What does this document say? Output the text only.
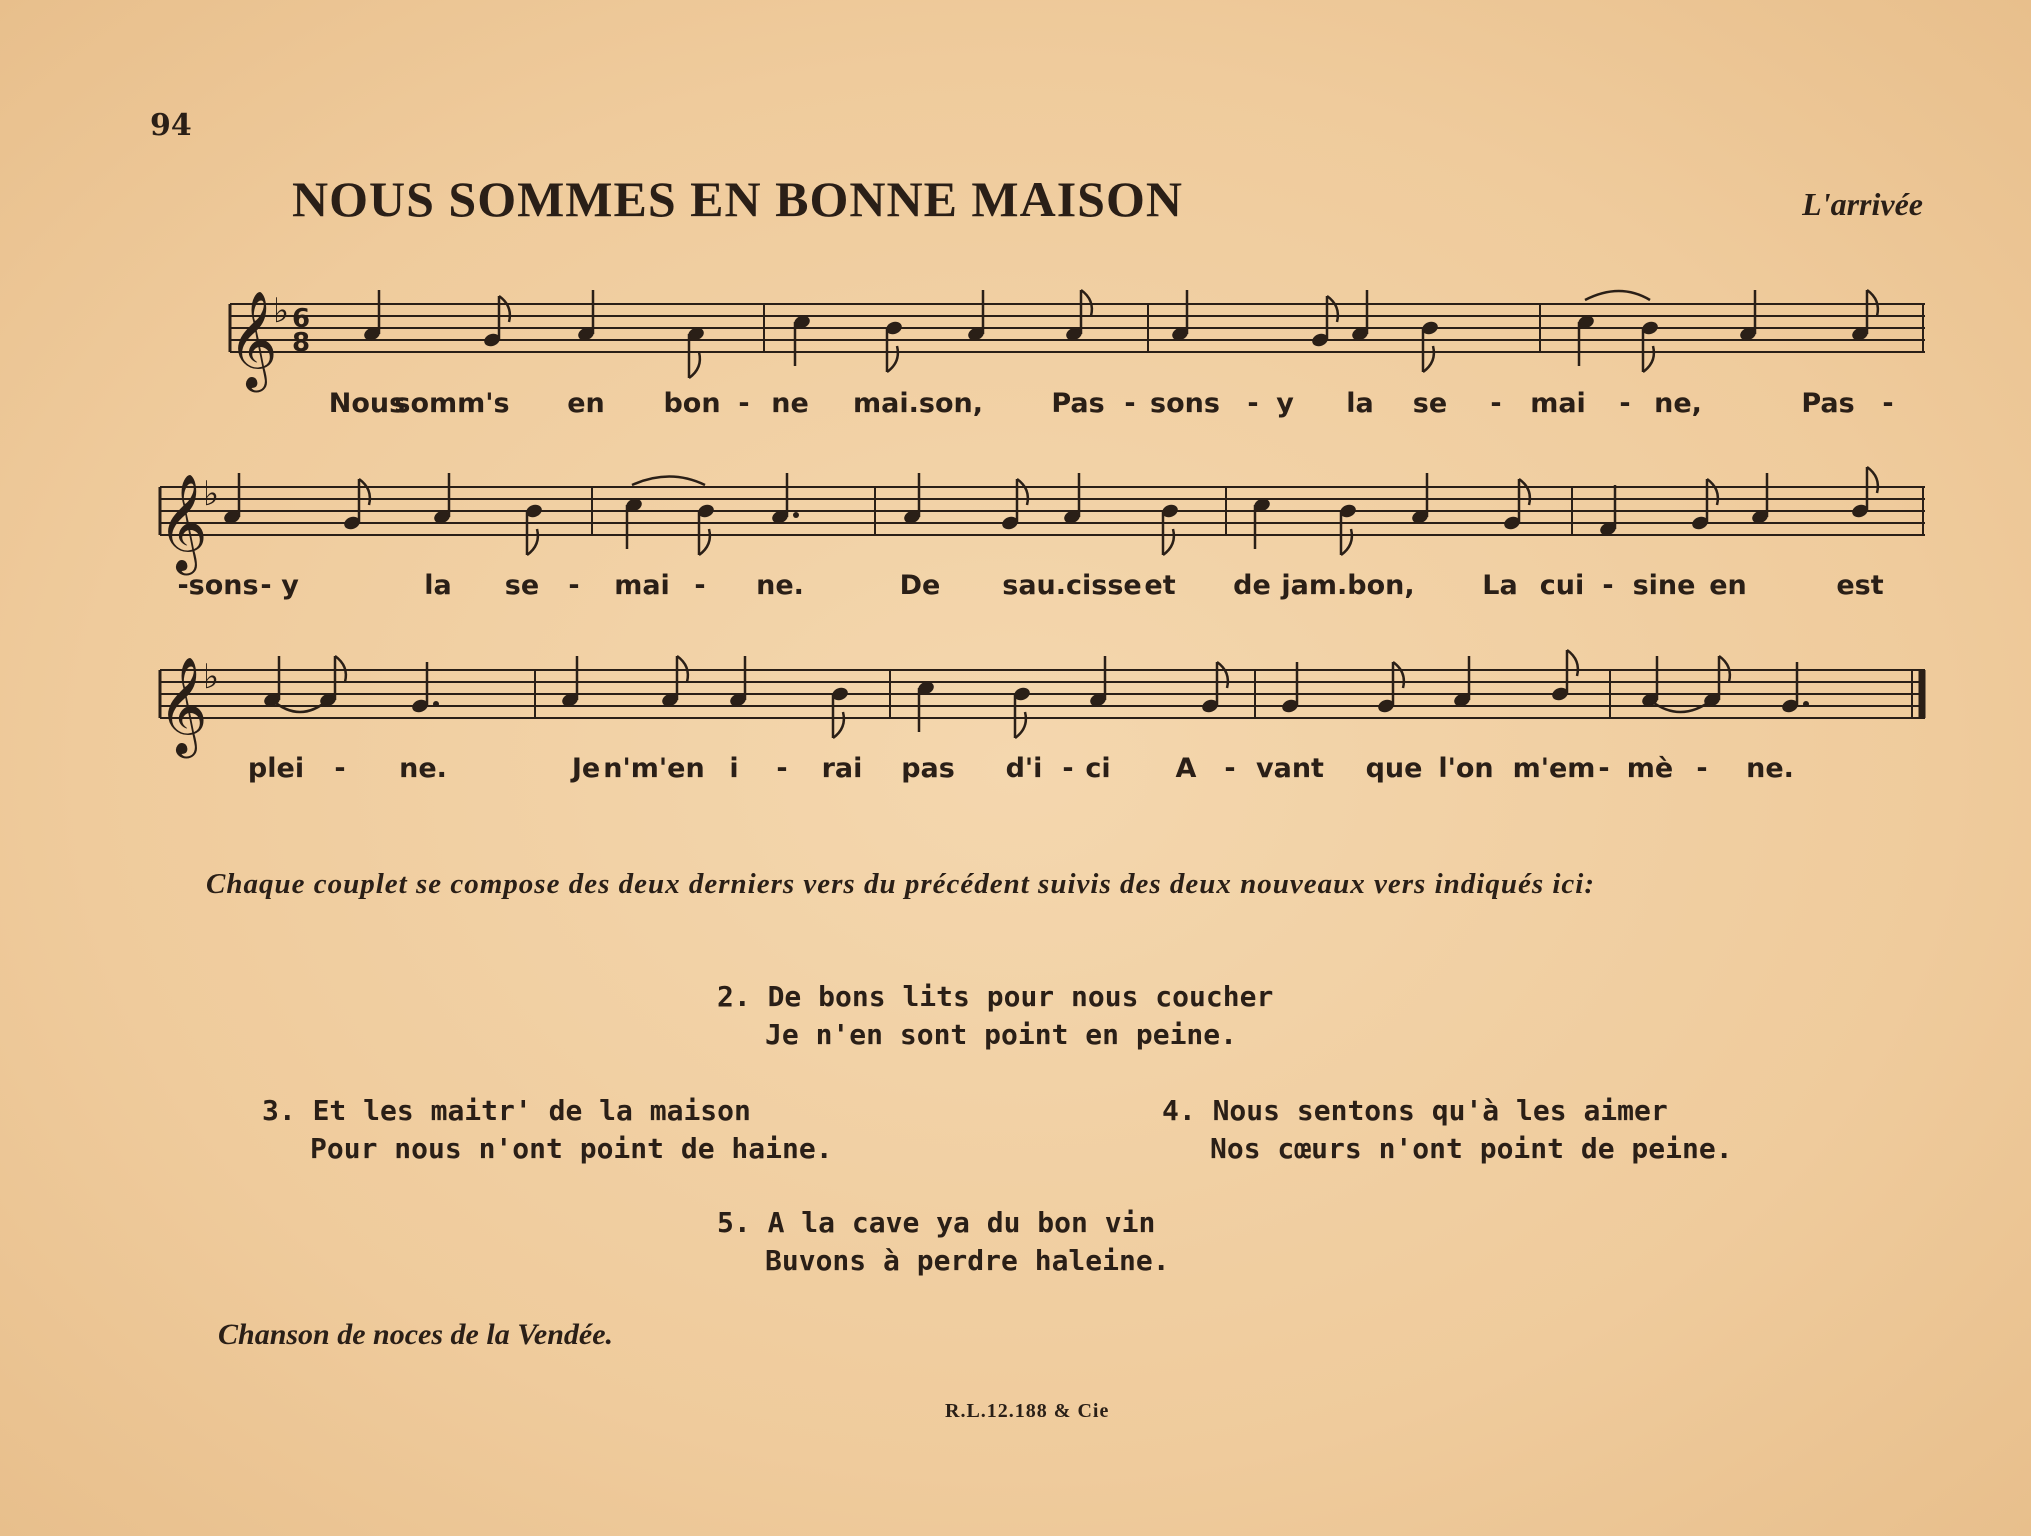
94
NOUS SOMMES EN BONNE MAISON	L'arrivée
𝄞
𝄞
𝄞
♭
♭
♭
6
8
Nous
somm's en bon - ne mai.son,	Pas - sons - y la se - mai - ne,	Pas -
-sons - y	la se - mai - ne.	De sau.cisse et de jam.bon,	La cui - sine en	est
plei - ne.	Je n'm'en i - rai pas d'i - ci A - vant que l'on m'em - mè - ne.
Chaque couplet se compose des deux derniers vers du précédent suivis des deux nouveaux vers indiqués ici:
2. De bons lits pour nous coucher
Je n'en sont point en peine.
3. Et les maitr' de la maison
Pour nous n'ont point de haine.
4. Nous sentons qu'à les aimer
Nos cœurs n'ont point de peine.
5. A la cave ya du bon vin
Buvons à perdre haleine.
Chanson de noces de la Vendée.
R.L.12.188 & Cie
